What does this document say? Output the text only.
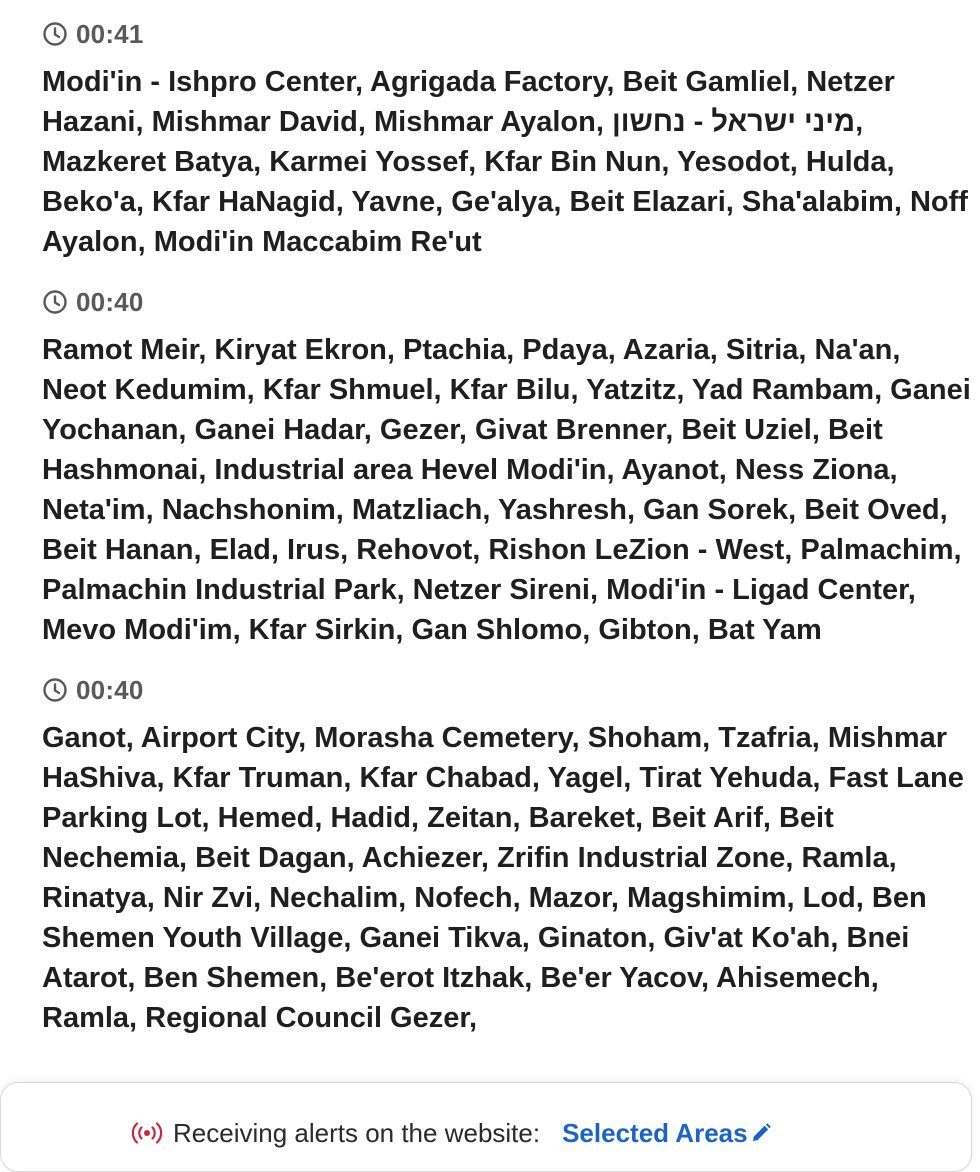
00:41

Modi'in - Ishpro Center, Agrigada Factory, Beit Gamliel, Netzer Hazani, Mishmar David, Mishmar Ayalon, מיני ישראל - נחשון, Mazkeret Batya, Karmei Yossef, Kfar Bin Nun, Yesodot, Hulda, Beko'a, Kfar HaNagid, Yavne, Ge'alya, Beit Elazari, Sha'alabim, Noff Ayalon, Modi'in Maccabim Re'ut

00:40

Ramot Meir, Kiryat Ekron, Ptachia, Pdaya, Azaria, Sitria, Na'an, Neot Kedumim, Kfar Shmuel, Kfar Bilu, Yatzitz, Yad Rambam, Ganei Yochanan, Ganei Hadar, Gezer, Givat Brenner, Beit Uziel, Beit Hashmonai, Industrial area Hevel Modi'in, Ayanot, Ness Ziona, Neta'im, Nachshonim, Matzliach, Yashresh, Gan Sorek, Beit Oved, Beit Hanan, Elad, Irus, Rehovot, Rishon LeZion - West, Palmachim, Palmachin Industrial Park, Netzer Sireni, Modi'in - Ligad Center, Mevo Modi'im, Kfar Sirkin, Gan Shlomo, Gibton, Bat Yam

00:40

Ganot, Airport City, Morasha Cemetery, Shoham, Tzafria, Mishmar HaShiva, Kfar Truman, Kfar Chabad, Yagel, Tirat Yehuda, Fast Lane Parking Lot, Hemed, Hadid, Zeitan, Bareket, Beit Arif, Beit Nechemia, Beit Dagan, Achiezer, Zrifin Industrial Zone, Ramla, Rinatya, Nir Zvi, Nechalim, Nofech, Mazor, Magshimim, Lod, Ben Shemen Youth Village, Ganei Tikva, Ginaton, Giv'at Ko'ah, Bnei Atarot, Ben Shemen, Be'erot Itzhak, Be'er Yacov, Ahisemech, Ramla, Regional Council Gezer,

Receiving alerts on the website: Selected Areas
